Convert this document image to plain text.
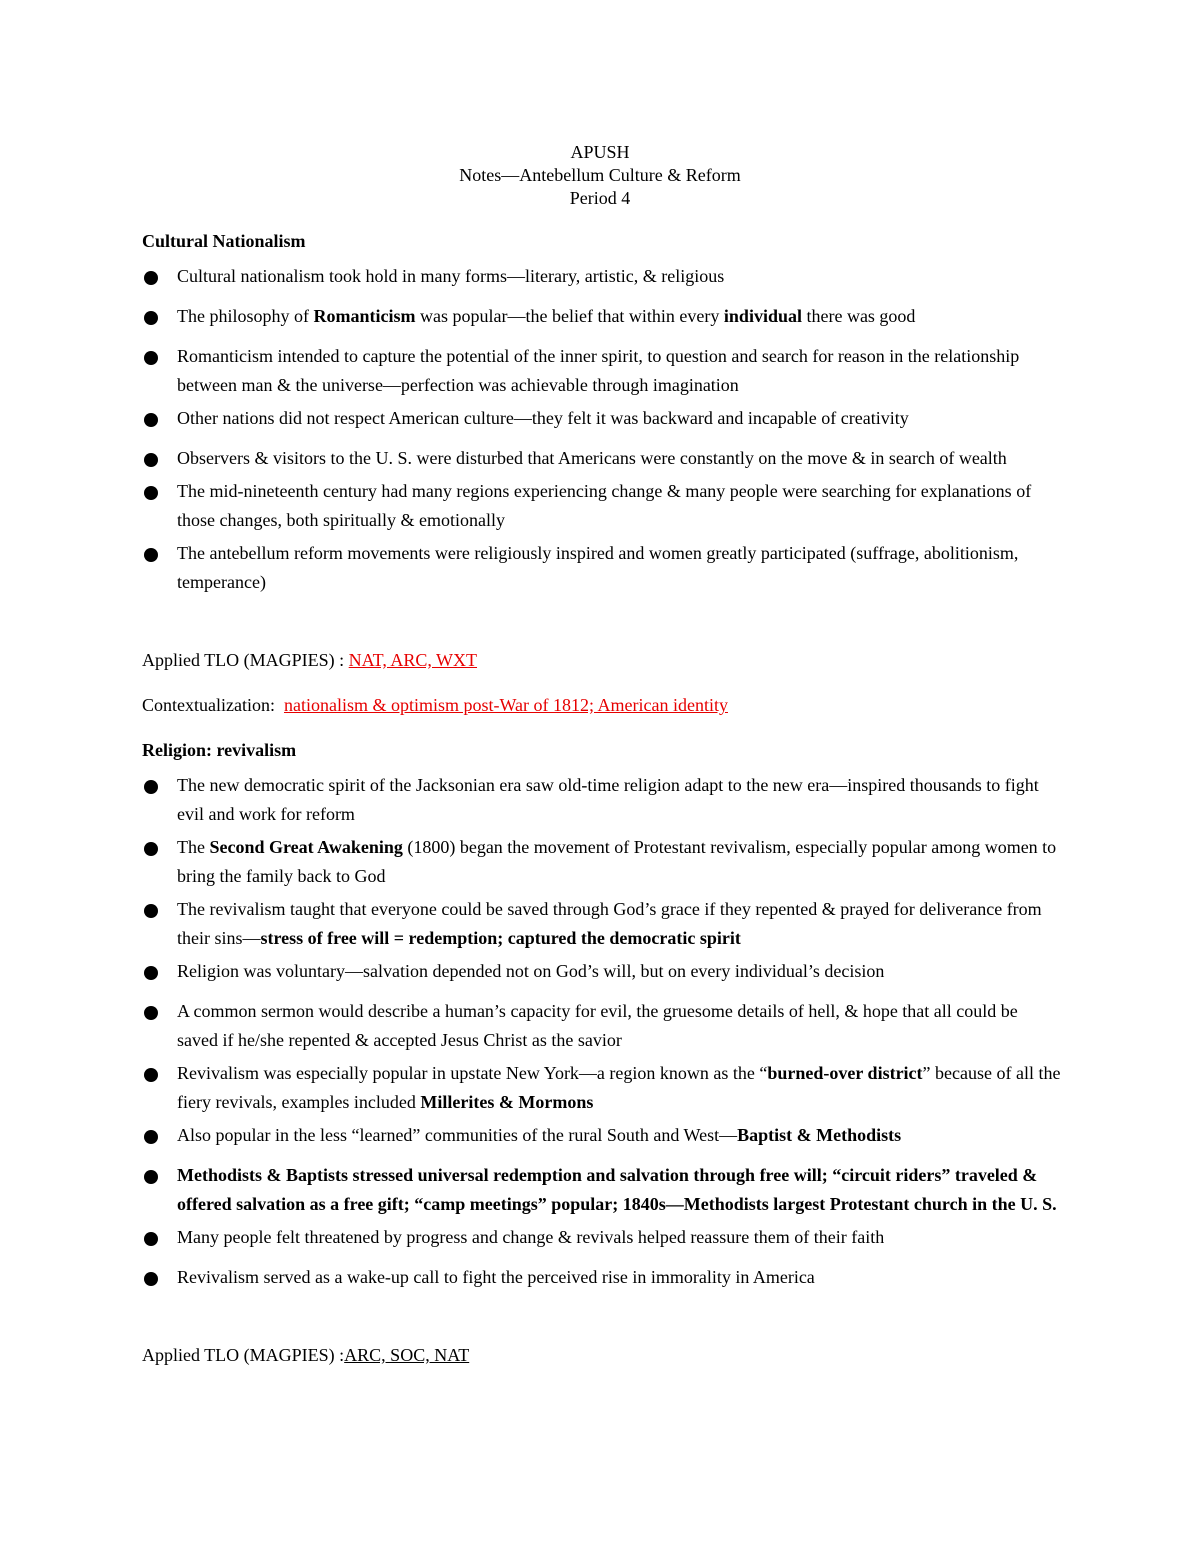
APUSH
Notes—Antebellum Culture & Reform
Period 4
Cultural Nationalism
Cultural nationalism took hold in many forms—literary, artistic, & religious
The philosophy of Romanticism was popular—the belief that within every individual there was good
Romanticism intended to capture the potential of the inner spirit, to question and search for reason in the relationship between man & the universe—perfection was achievable through imagination
Other nations did not respect American culture—they felt it was backward and incapable of creativity
Observers & visitors to the U. S. were disturbed that Americans were constantly on the move & in search of wealth
The mid-nineteenth century had many regions experiencing change & many people were searching for explanations of those changes, both spiritually & emotionally
The antebellum reform movements were religiously inspired and women greatly participated (suffrage, abolitionism, temperance)
Applied TLO (MAGPIES) : NAT, ARC, WXT
Contextualization:  nationalism & optimism post-War of 1812; American identity
Religion: revivalism
The new democratic spirit of the Jacksonian era saw old-time religion adapt to the new era—inspired thousands to fight evil and work for reform
The Second Great Awakening (1800) began the movement of Protestant revivalism, especially popular among women to bring the family back to God
The revivalism taught that everyone could be saved through God’s grace if they repented & prayed for deliverance from their sins—stress of free will = redemption; captured the democratic spirit
Religion was voluntary—salvation depended not on God’s will, but on every individual’s decision
A common sermon would describe a human’s capacity for evil, the gruesome details of hell, & hope that all could be saved if he/she repented & accepted Jesus Christ as the savior
Revivalism was especially popular in upstate New York—a region known as the “burned-over district” because of all the fiery revivals, examples included Millerites & Mormons
Also popular in the less “learned” communities of the rural South and West—Baptist & Methodists
Methodists & Baptists stressed universal redemption and salvation through free will; “circuit riders” traveled & offered salvation as a free gift; “camp meetings” popular; 1840s—Methodists largest Protestant church in the U. S.
Many people felt threatened by progress and change & revivals helped reassure them of their faith
Revivalism served as a wake-up call to fight the perceived rise in immorality in America
Applied TLO (MAGPIES) :ARC, SOC, NAT
